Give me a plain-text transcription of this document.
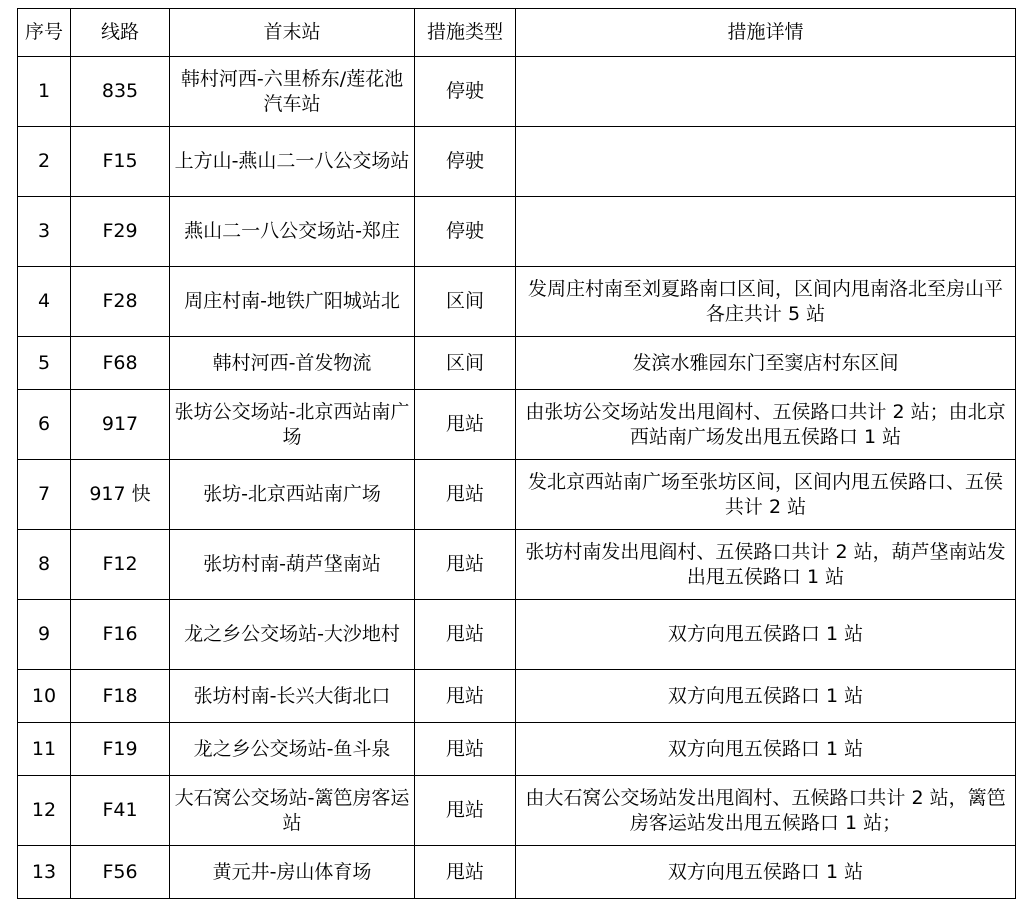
序号	线路	首末站	措施类型	措施详情
1	835	韩村河西-六里桥东/莲花池汽车站	停驶	
2	F15	上方山-燕山二一八公交场站	停驶	
3	F29	燕山二一八公交场站-郑庄	停驶	
4	F28	周庄村南-地铁广阳城站北	区间	发周庄村南至刘夏路南口区间，区间内甩南洛北至房山平各庄共计 5 站
5	F68	韩村河西-首发物流	区间	发滨水雅园东门至窦店村东区间
6	917	张坊公交场站-北京西站南广场	甩站	由张坊公交场站发出甩阎村、五侯路口共计 2 站；由北京西站南广场发出甩五侯路口 1 站
7	917 快	张坊-北京西站南广场	甩站	发北京西站南广场至张坊区间，区间内甩五侯路口、五侯共计 2 站
8	F12	张坊村南-葫芦垡南站	甩站	张坊村南发出甩阎村、五侯路口共计 2 站，葫芦垡南站发出甩五侯路口 1 站
9	F16	龙之乡公交场站-大沙地村	甩站	双方向甩五侯路口 1 站
10	F18	张坊村南-长兴大街北口	甩站	双方向甩五侯路口 1 站
11	F19	龙之乡公交场站-鱼斗泉	甩站	双方向甩五侯路口 1 站
12	F41	大石窝公交场站-篱笆房客运站	甩站	由大石窝公交场站发出甩阎村、五候路口共计 2 站，篱笆房客运站发出甩五候路口 1 站；
13	F56	黄元井-房山体育场	甩站	双方向甩五侯路口 1 站
